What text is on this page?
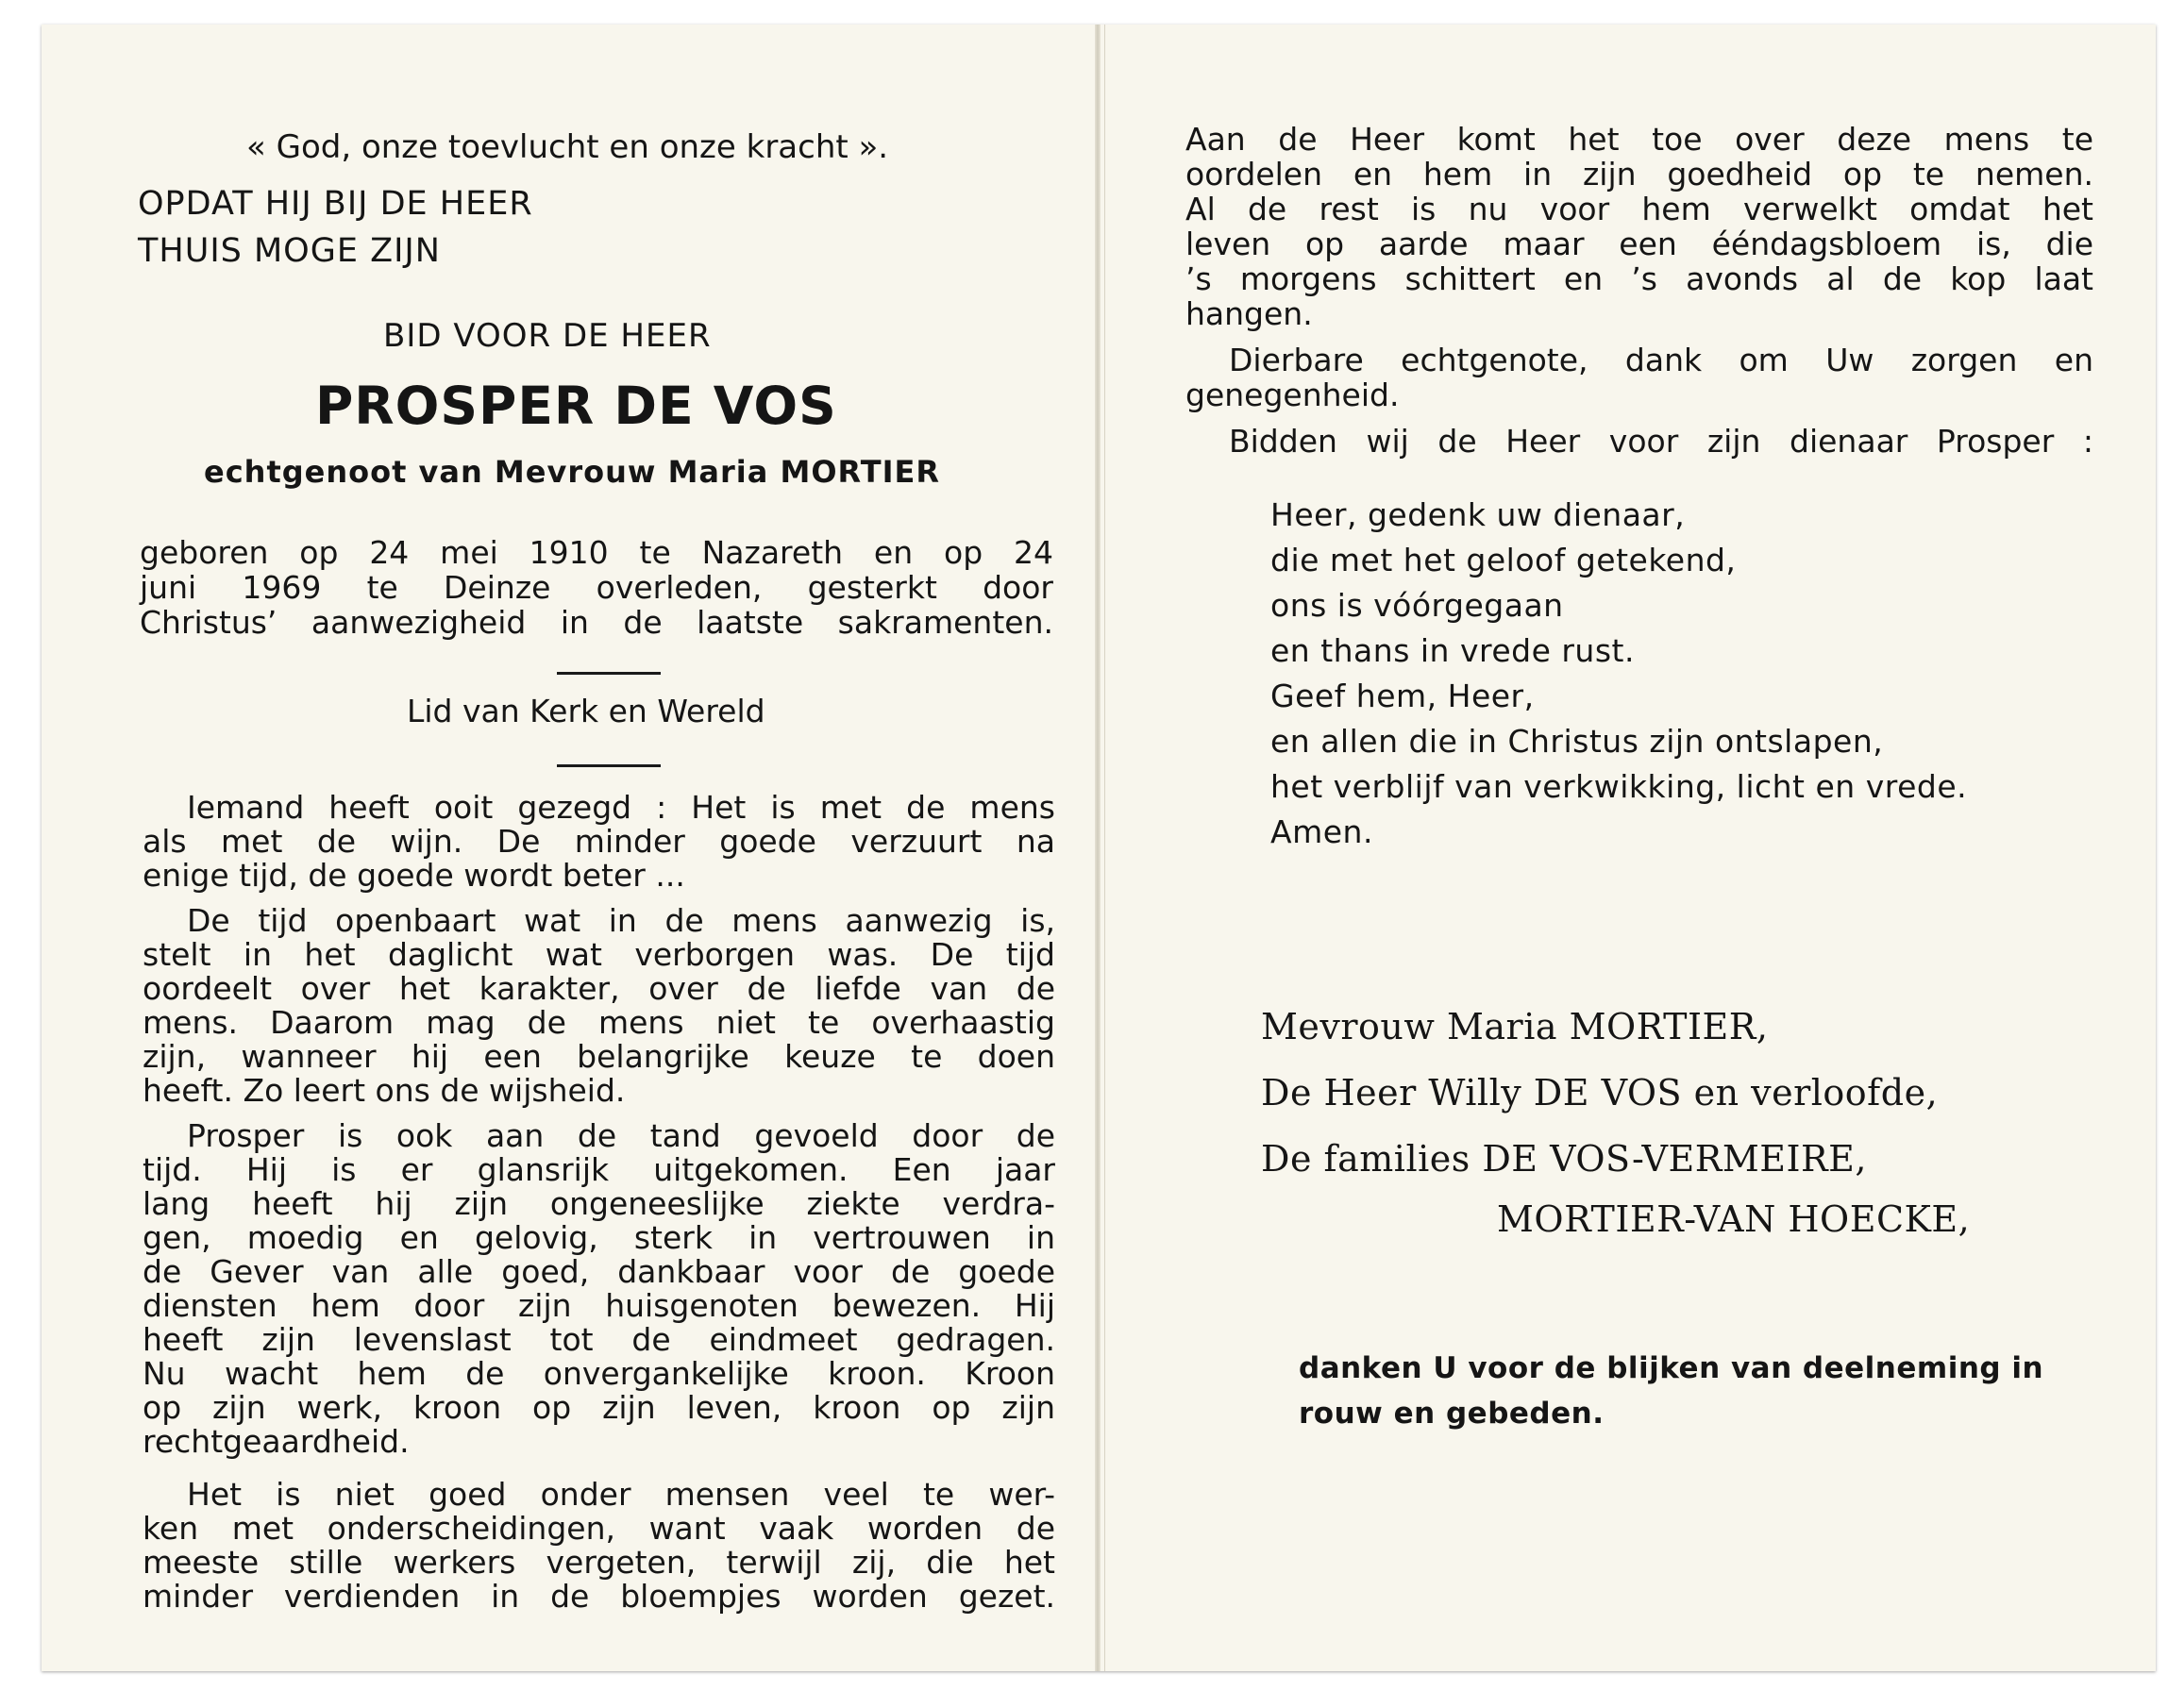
« God, onze toevlucht en onze kracht ».
OPDAT HIJ BIJ DE HEER
THUIS MOGE ZIJN
BID VOOR DE HEER
PROSPER DE VOS
echtgenoot van Mevrouw Maria MORTIER
geboren op 24 mei 1910 te Nazareth en op 24
juni 1969 te Deinze overleden, gesterkt door
Christus’ aanwezigheid in de laatste sakramenten.
Lid van Kerk en Wereld
Iemand heeft ooit gezegd : Het is met de mens
als met de wijn. De minder goede verzuurt na
enige tijd, de goede wordt beter ...
De tijd openbaart wat in de mens aanwezig is,
stelt in het daglicht wat verborgen was. De tijd
oordeelt over het karakter, over de liefde van de
mens. Daarom mag de mens niet te overhaastig
zijn, wanneer hij een belangrijke keuze te doen
heeft. Zo leert ons de wijsheid.
Prosper is ook aan de tand gevoeld door de
tijd. Hij is er glansrijk uitgekomen. Een jaar
lang heeft hij zijn ongeneeslijke ziekte verdra-
gen, moedig en gelovig, sterk in vertrouwen in
de Gever van alle goed, dankbaar voor de goede
diensten hem door zijn huisgenoten bewezen. Hij
heeft zijn levenslast tot de eindmeet gedragen.
Nu wacht hem de onvergankelijke kroon. Kroon
op zijn werk, kroon op zijn leven, kroon op zijn
rechtgeaardheid.
Het is niet goed onder mensen veel te wer-
ken met onderscheidingen, want vaak worden de
meeste stille werkers vergeten, terwijl zij, die het
minder verdienden in de bloempjes worden gezet.
Aan de Heer komt het toe over deze mens te
oordelen en hem in zijn goedheid op te nemen.
Al de rest is nu voor hem verwelkt omdat het
leven op aarde maar een ééndagsbloem is, die
’s morgens schittert en ’s avonds al de kop laat
hangen.
Dierbare echtgenote, dank om Uw zorgen en
genegenheid.
Bidden wij de Heer voor zijn dienaar Prosper :
Heer, gedenk uw dienaar,
die met het geloof getekend,
ons is vóórgegaan
en thans in vrede rust.
Geef hem, Heer,
en allen die in Christus zijn ontslapen,
het verblijf van verkwikking, licht en vrede.
Amen.
Mevrouw Maria MORTIER,
De Heer Willy DE VOS en verloofde,
De families DE VOS-VERMEIRE,
MORTIER-VAN HOECKE,
danken U voor de blijken van deelneming in
rouw en gebeden.
